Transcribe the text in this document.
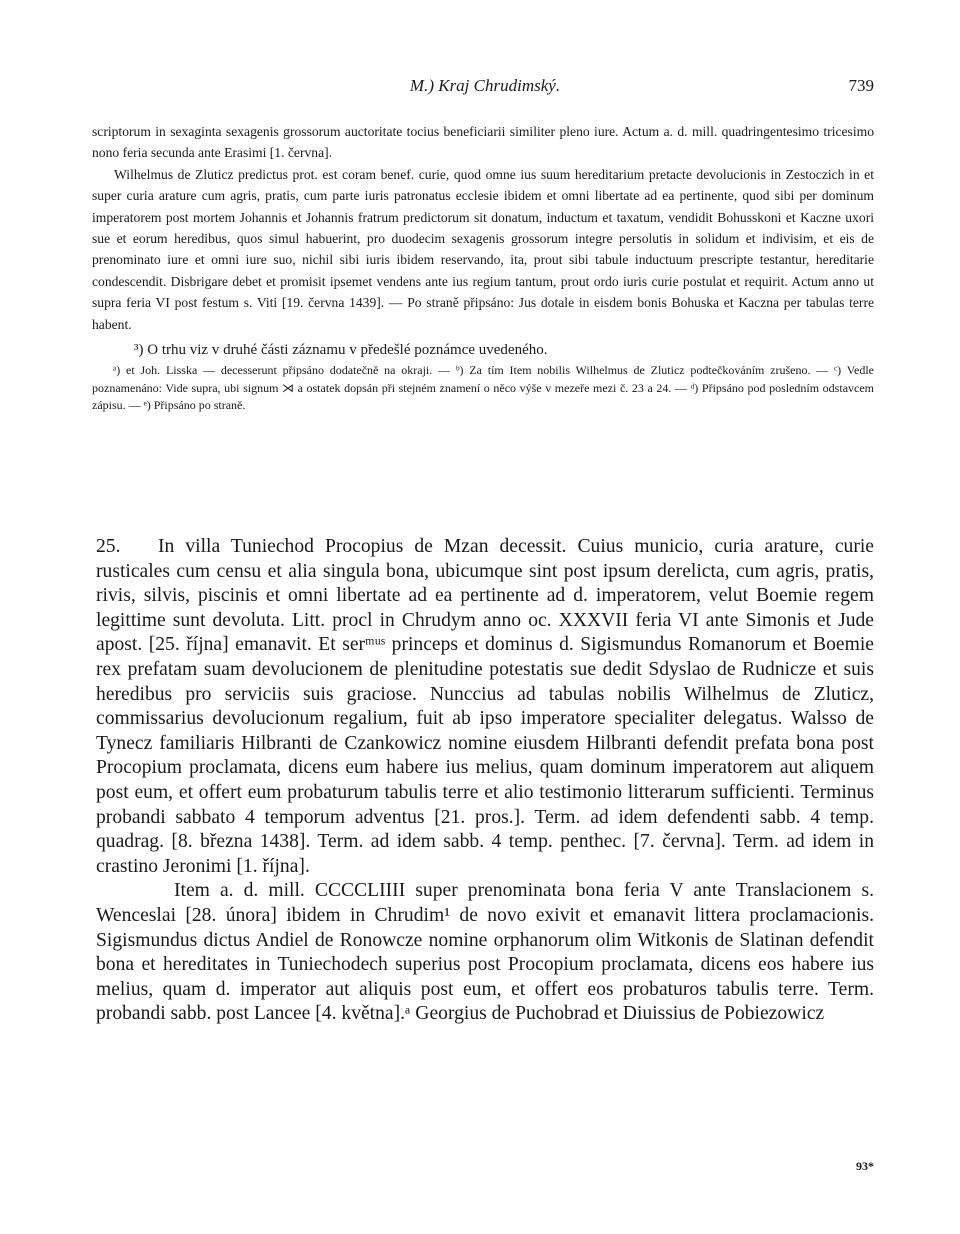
M.) Kraj Chrudimský.	739

scriptorum in sexaginta sexagenis grossorum auctoritate tocius beneficiarii similiter pleno iure. Actum a. d. mill. quadringentesimo tricesimo nono feria secunda ante Erasimi [1. června].

Wilhelmus de Zluticz predictus prot. est coram benef. curie, quod omne ius suum hereditarium pretacte devolucionis in Zestoczich in et super curia arature cum agris, pratis, cum parte iuris patronatus ecclesie ibidem et omni libertate ad ea pertinente, quod sibi per dominum imperatorem post mortem Johannis et Johannis fratrum predictorum sit donatum, inductum et taxatum, vendidit Bohusskoni et Kaczne uxori sue et eorum heredibus, quos simul habuerint, pro duodecim sexagenis grossorum integre persolutis in solidum et indivisim, et eis de prenominato iure et omni iure suo, nichil sibi iuris ibidem reservando, ita, prout sibi tabule inductuum prescripte testantur, hereditarie condescendit. Disbrigare debet et promisit ipsemet vendens ante ius regium tantum, prout ordo iuris curie postulat et requirit. Actum anno ut supra feria VI post festum s. Viti [19. června 1439]. — Po straně připsáno: Jus dotale in eisdem bonis Bohuska et Kaczna per tabulas terre habent.

³) O trhu viz v druhé části záznamu v předešlé poznámce uvedeného.

ᵃ) et Joh. Lisska — decesserunt připsáno dodatečně na okraji. — ᵇ) Za tím Item nobilis Wilhelmus de Zluticz podtečkováním zrušeno. — ᶜ) Vedle poznamenáno: Vide supra, ubi signum ⋊ a ostatek dopsán při stejném znamení o něco výše v mezeře mezi č. 23 a 24. — ᵈ) Připsáno pod posledním odstavcem zápisu. — ᵉ) Připsáno po straně.

25. In villa Tuniechod Procopius de Mzan decessit. Cuius municio, curia arature, curie rusticales cum censu et alia singula bona, ubicumque sint post ipsum derelicta, cum agris, pratis, rivis, silvis, piscinis et omni libertate ad ea pertinente ad d. imperatorem, velut Boemie regem legittime sunt devoluta. Litt. procl in Chrudym anno oc. XXXVII feria VI ante Simonis et Jude apost. [25. října] emanavit. Et serᵐᵘˢ princeps et dominus d. Sigismundus Romanorum et Boemie rex prefatam suam devolucionem de plenitudine potestatis sue dedit Sdyslao de Rudnicze et suis heredibus pro serviciis suis graciose. Nunccius ad tabulas nobilis Wilhelmus de Zluticz, commissarius devolucionum regalium, fuit ab ipso imperatore specialiter delegatus. Walsso de Tynecz familiaris Hilbranti de Czankowicz nomine eiusdem Hilbranti defendit prefata bona post Procopium proclamata, dicens eum habere ius melius, quam dominum imperatorem aut aliquem post eum, et offert eum probaturum tabulis terre et alio testimonio litterarum sufficienti. Terminus probandi sabbato 4 temporum adventus [21. pros.]. Term. ad idem defendenti sabb. 4 temp. quadrag. [8. března 1438]. Term. ad idem sabb. 4 temp. penthec. [7. června]. Term. ad idem in crastino Jeronimi [1. října].

Item a. d. mill. CCCCLIIII super prenominata bona feria V ante Translacionem s. Wenceslai [28. února] ibidem in Chrudim¹ de novo exivit et emanavit littera proclamacionis. Sigismundus dictus Andiel de Ronowcze nomine orphanorum olim Witkonis de Slatinan defendit bona et hereditates in Tuniechodech superius post Procopium proclamata, dicens eos habere ius melius, quam d. imperator aut aliquis post eum, et offert eos probaturos tabulis terre. Term. probandi sabb. post Lancee [4. května].ᵃ Georgius de Puchobrad et Diuissius de Pobiezowicz

93*
